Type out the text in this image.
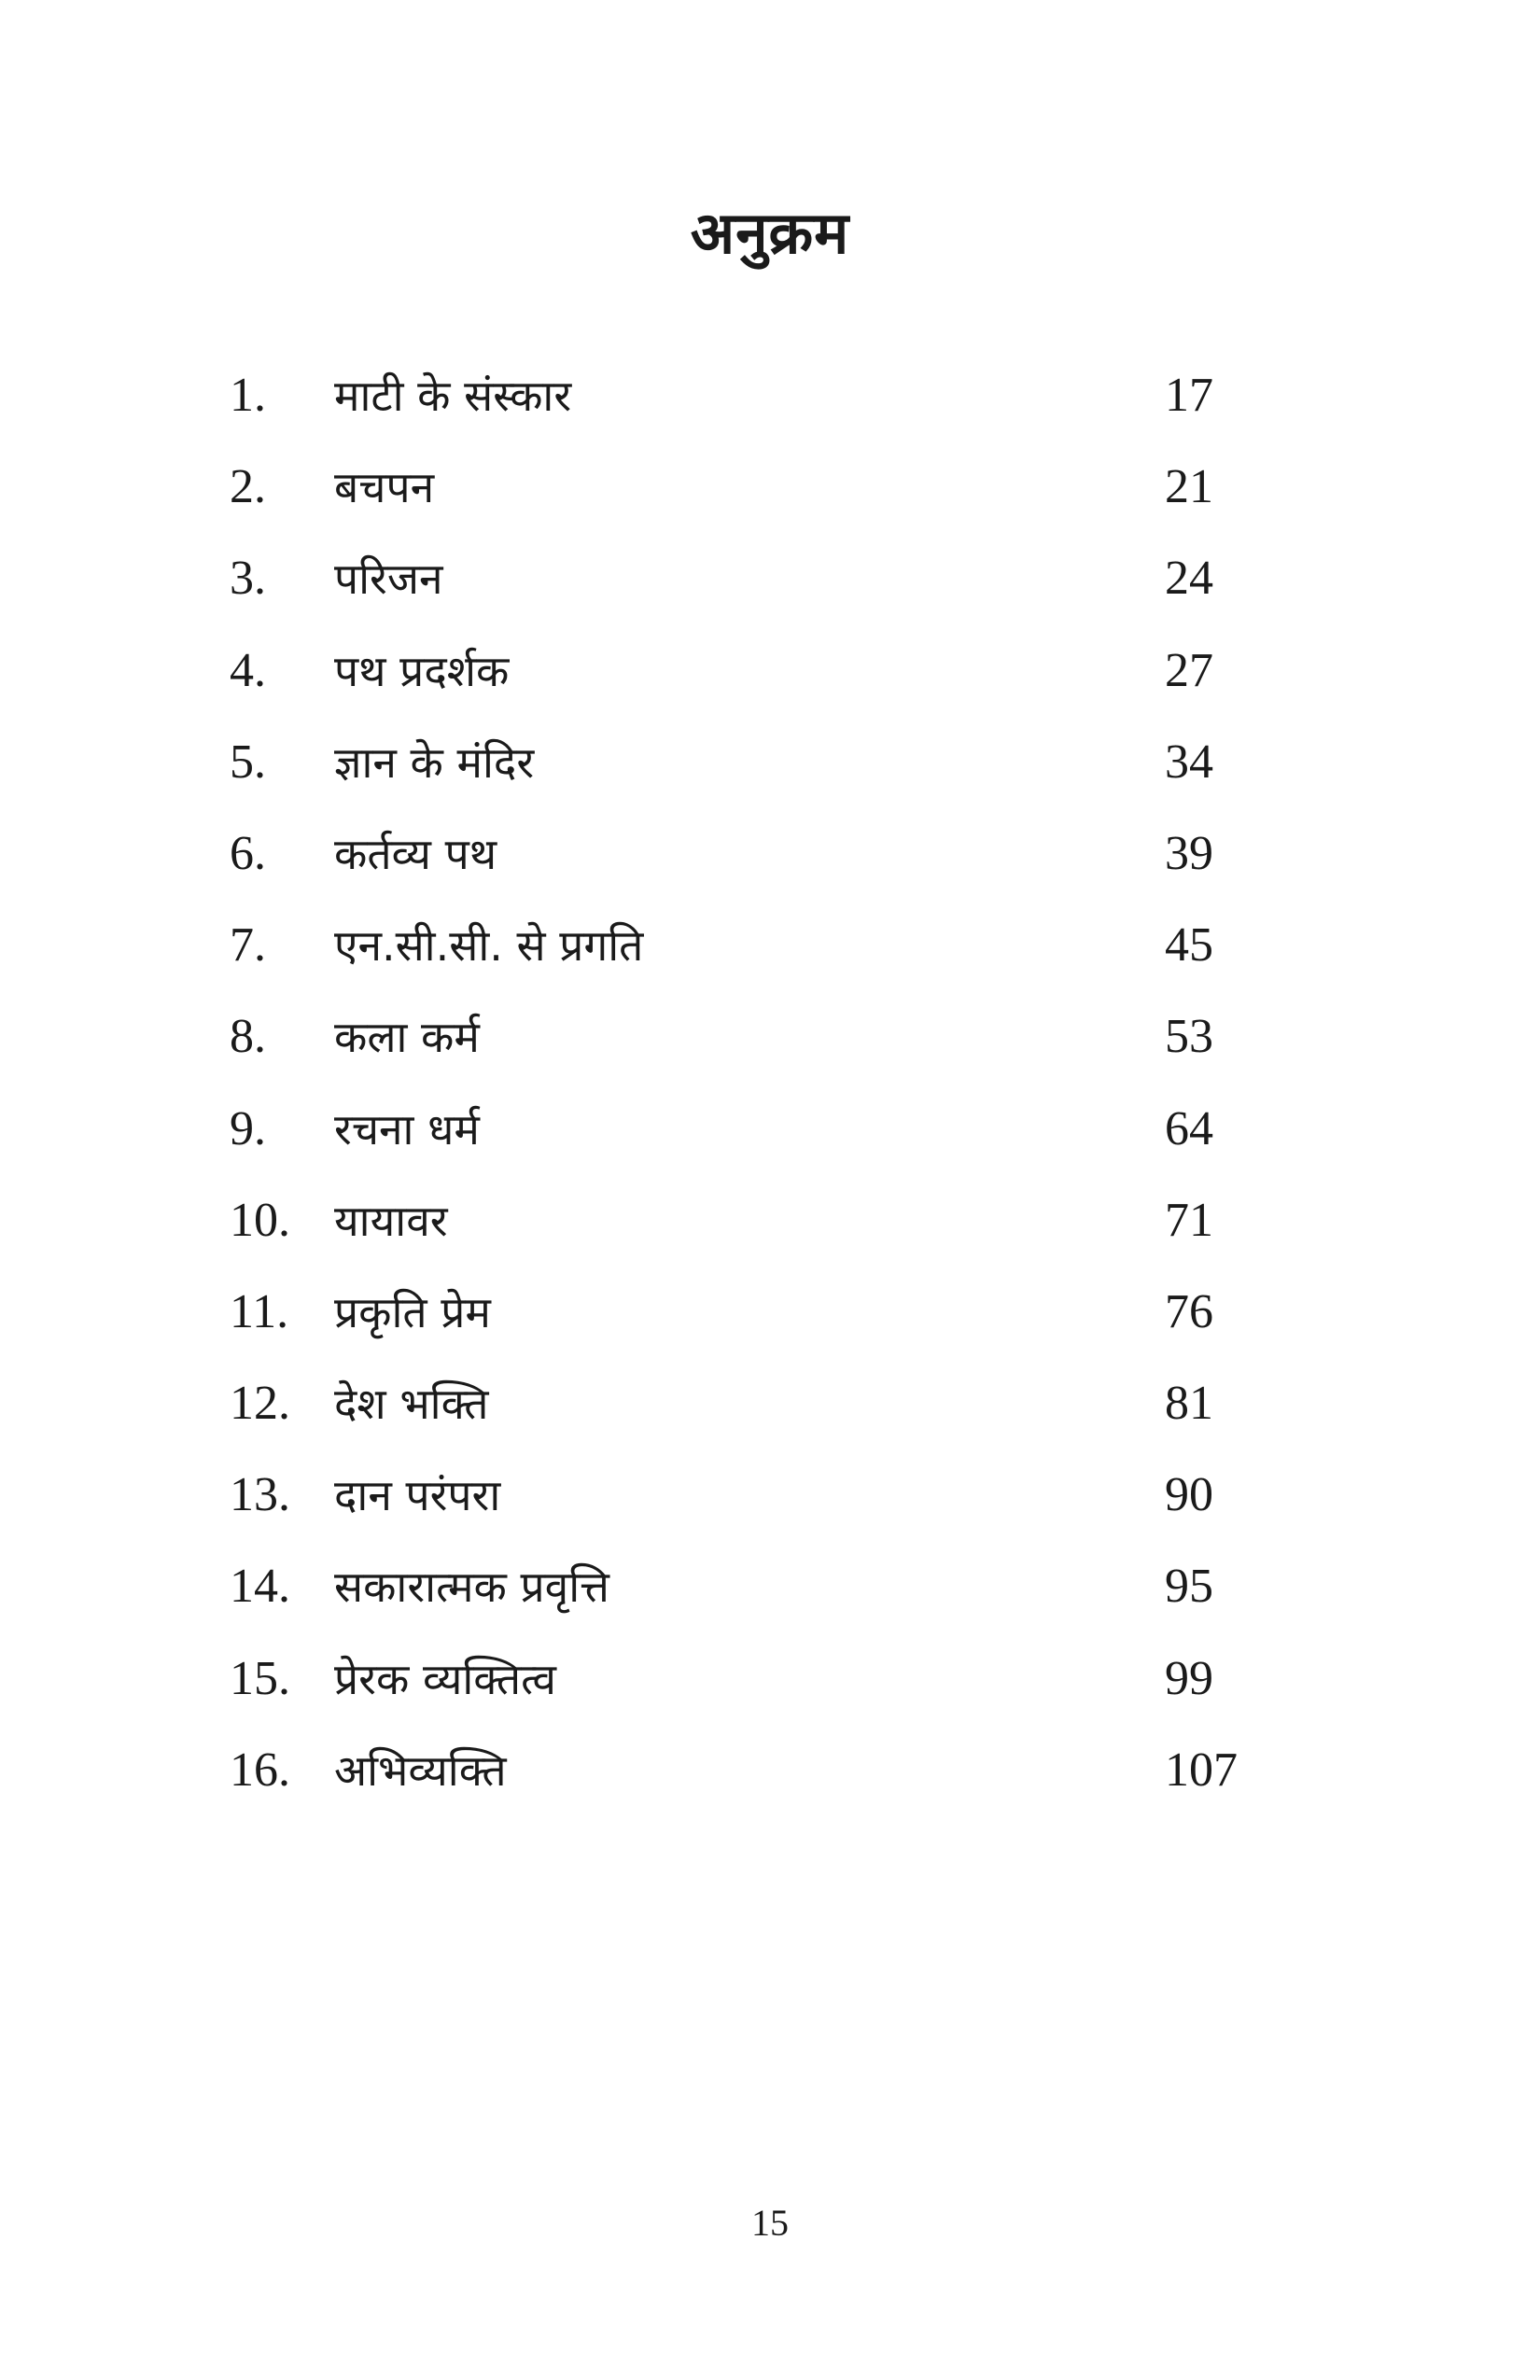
अनुक्रम
1. माटी के संस्कार	17
2. बचपन	21
3. परिजन	24
4. पथ प्रदर्शक	27
5. ज्ञान के मंदिर	34
6. कर्तव्य पथ	39
7. एन.सी.सी. से प्रगति	45
8. कला कर्म	53
9. रचना धर्म	64
10. यायावर	71
11. प्रकृति प्रेम	76
12. देश भक्ति	81
13. दान परंपरा	90
14. सकारात्मक प्रवृत्ति	95
15. प्रेरक व्यक्तित्व	99
16. अभिव्यक्ति	107
15
